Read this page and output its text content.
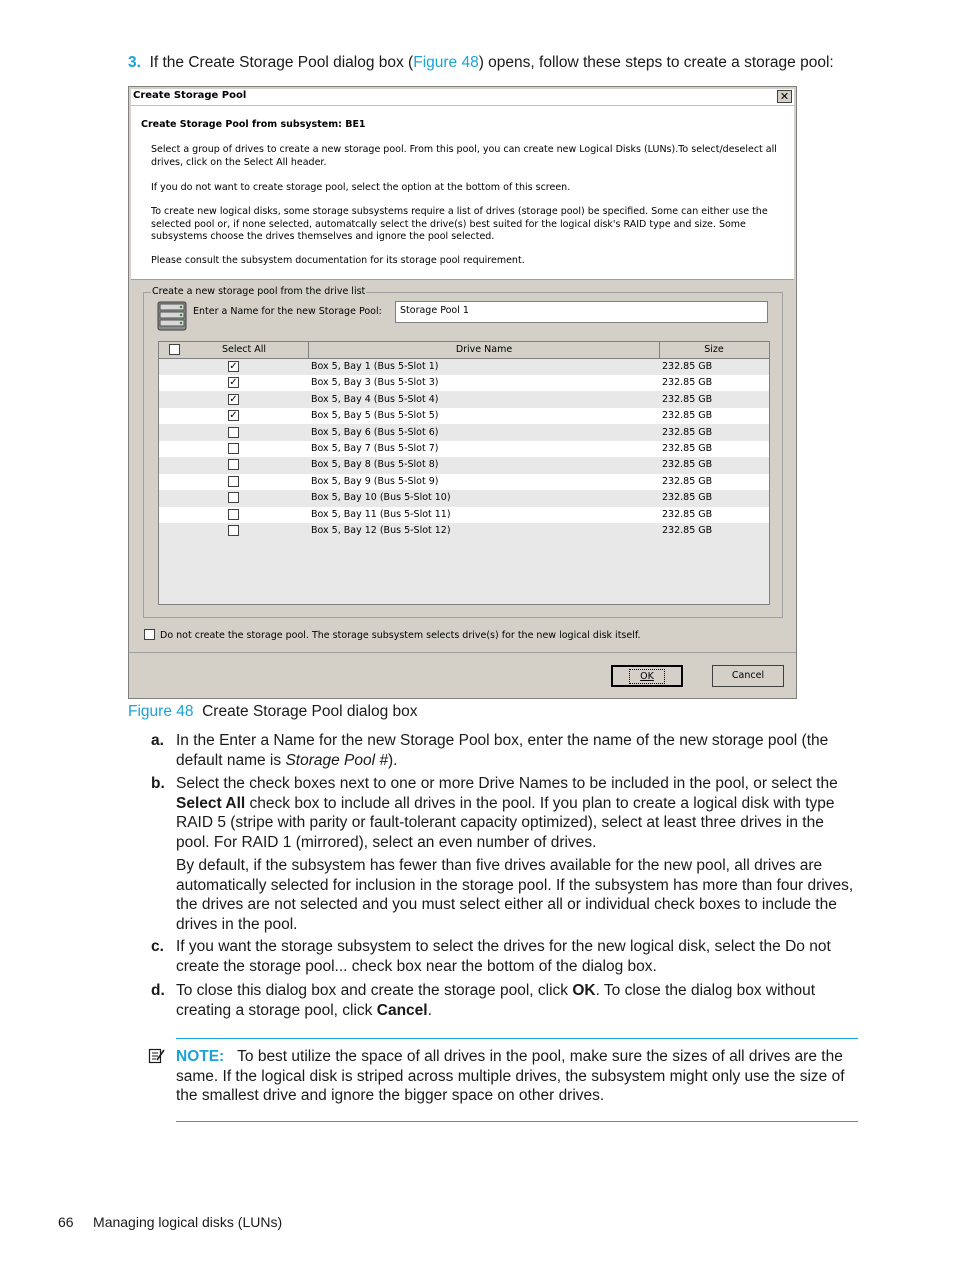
3. If the Create Storage Pool dialog box (Figure 48) opens, follow these steps to create a storage pool:
Create Storage Pool	✕
Create Storage Pool from subsystem: BE1
Select a group of drives to create a new storage pool. From this pool, you can create new Logical Disks (LUNs).To select/deselect all drives, click on the Select All header.
If you do not want to create storage pool, select the option at the bottom of this screen.
To create new logical disks, some storage subsystems require a list of drives (storage pool) be specified. Some can either use the selected pool or, if none selected, automatcally select the drive(s) best suited for the logical disk's RAID type and size. Some subsystems choose the drives themselves and ignore the pool selected.
Please consult the subsystem documentation for its storage pool requirement.
Create a new storage pool from the drive list
Enter a Name for the new Storage Pool:	Storage Pool 1
Select All	Drive Name	Size
✓	Box 5, Bay 1 (Bus 5-Slot 1)	232.85 GB
✓	Box 5, Bay 3 (Bus 5-Slot 3)	232.85 GB
✓	Box 5, Bay 4 (Bus 5-Slot 4)	232.85 GB
✓	Box 5, Bay 5 (Bus 5-Slot 5)	232.85 GB
Box 5, Bay 6 (Bus 5-Slot 6)	232.85 GB
Box 5, Bay 7 (Bus 5-Slot 7)	232.85 GB
Box 5, Bay 8 (Bus 5-Slot 8)	232.85 GB
Box 5, Bay 9 (Bus 5-Slot 9)	232.85 GB
Box 5, Bay 10 (Bus 5-Slot 10)	232.85 GB
Box 5, Bay 11 (Bus 5-Slot 11)	232.85 GB
Box 5, Bay 12 (Bus 5-Slot 12)	232.85 GB
Do not create the storage pool. The storage subsystem selects drive(s) for the new logical disk itself.
OK	Cancel
Figure 48 Create Storage Pool dialog box
a. In the Enter a Name for the new Storage Pool box, enter the name of the new storage pool (the default name is Storage Pool #).
b. Select the check boxes next to one or more Drive Names to be included in the pool, or select the Select All check box to include all drives in the pool. If you plan to create a logical disk with type RAID 5 (stripe with parity or fault-tolerant capacity optimized), select at least three drives in the pool. For RAID 1 (mirrored), select an even number of drives.
By default, if the subsystem has fewer than five drives available for the new pool, all drives are automatically selected for inclusion in the storage pool. If the subsystem has more than four drives, the drives are not selected and you must select either all or individual check boxes to include the drives in the pool.
c. If you want the storage subsystem to select the drives for the new logical disk, select the Do not create the storage pool... check box near the bottom of the dialog box.
d. To close this dialog box and create the storage pool, click OK. To close the dialog box without creating a storage pool, click Cancel.
NOTE: To best utilize the space of all drives in the pool, make sure the sizes of all drives are the same. If the logical disk is striped across multiple drives, the subsystem might only use the size of the smallest drive and ignore the bigger space on other drives.
66 Managing logical disks (LUNs)
